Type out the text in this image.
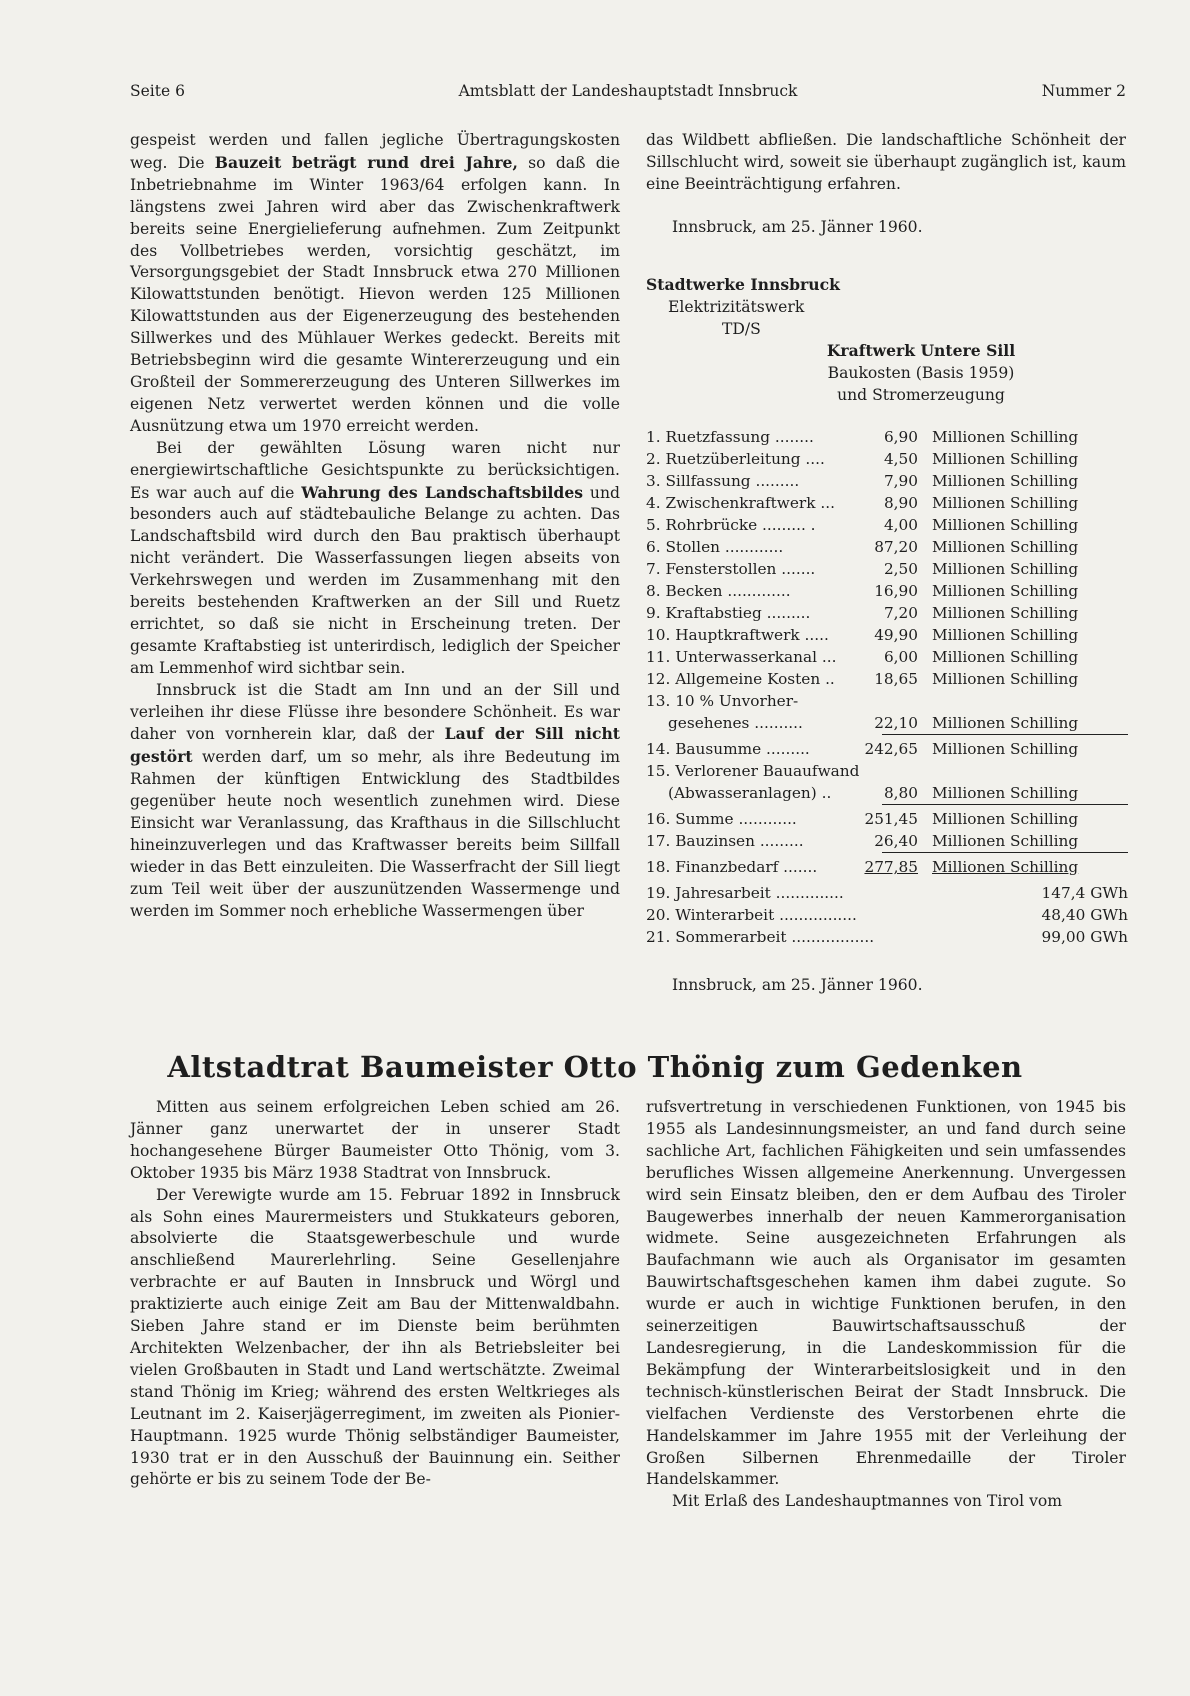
Seite 6	Amtsblatt der Landeshauptstadt Innsbruck	Nummer 2

gespeist werden und fallen jegliche Übertragungskosten weg. Die Bauzeit beträgt rund drei Jahre, so daß die Inbetriebnahme im Winter 1963/64 erfolgen kann. In längstens zwei Jahren wird aber das Zwischenkraftwerk bereits seine Energielieferung aufnehmen. Zum Zeitpunkt des Vollbetriebes werden, vorsichtig geschätzt, im Versorgungsgebiet der Stadt Innsbruck etwa 270 Millionen Kilowattstunden benötigt. Hievon werden 125 Millionen Kilowattstunden aus der Eigenerzeugung des bestehenden Sillwerkes und des Mühlauer Werkes gedeckt. Bereits mit Betriebsbeginn wird die gesamte Wintererzeugung und ein Großteil der Sommererzeugung des Unteren Sillwerkes im eigenen Netz verwertet werden können und die volle Ausnützung etwa um 1970 erreicht werden.

Bei der gewählten Lösung waren nicht nur energiewirtschaftliche Gesichtspunkte zu berücksichtigen. Es war auch auf die Wahrung des Landschaftsbildes und besonders auch auf städtebauliche Belange zu achten. Das Landschaftsbild wird durch den Bau praktisch überhaupt nicht verändert. Die Wasserfassungen liegen abseits von Verkehrswegen und werden im Zusammenhang mit den bereits bestehenden Kraftwerken an der Sill und Ruetz errichtet, so daß sie nicht in Erscheinung treten. Der gesamte Kraftabstieg ist unterirdisch, lediglich der Speicher am Lemmenhof wird sichtbar sein.

Innsbruck ist die Stadt am Inn und an der Sill und verleihen ihr diese Flüsse ihre besondere Schönheit. Es war daher von vornherein klar, daß der Lauf der Sill nicht gestört werden darf, um so mehr, als ihre Bedeutung im Rahmen der künftigen Entwicklung des Stadtbildes gegenüber heute noch wesentlich zunehmen wird. Diese Einsicht war Veranlassung, das Krafthaus in die Sillschlucht hineinzuverlegen und das Kraftwasser bereits beim Sillfall wieder in das Bett einzuleiten. Die Wasserfracht der Sill liegt zum Teil weit über der auszunützenden Wassermenge und werden im Sommer noch erhebliche Wassermengen über

das Wildbett abfließen. Die landschaftliche Schönheit der Sillschlucht wird, soweit sie überhaupt zugänglich ist, kaum eine Beeinträchtigung erfahren.

Innsbruck, am 25. Jänner 1960.

Stadtwerke Innsbruck
Elektrizitätswerk
TD/S
Kraftwerk Untere Sill
Baukosten (Basis 1959)
und Stromerzeugung
1. Ruetzfassung ........	6,90 Millionen Schilling
2. Ruetzüberleitung ....	4,50 Millionen Schilling
3. Sillfassung .........	7,90 Millionen Schilling
4. Zwischenkraftwerk ...	8,90 Millionen Schilling
5. Rohrbrücke ......... .	4,00 Millionen Schilling
6. Stollen ............	87,20 Millionen Schilling
7. Fensterstollen .......	2,50 Millionen Schilling
8. Becken .............	16,90 Millionen Schilling
9. Kraftabstieg .........	7,20 Millionen Schilling
10. Hauptkraftwerk .....	49,90 Millionen Schilling
11. Unterwasserkanal ...	6,00 Millionen Schilling
12. Allgemeine Kosten ..	18,65 Millionen Schilling
13. 10 % Unvorher-
gesehenes ..........	22,10 Millionen Schilling
14. Bausumme .........	242,65 Millionen Schilling
15. Verlorener Bauaufwand
(Abwasseranlagen) ..	8,80 Millionen Schilling
16. Summe ............	251,45 Millionen Schilling
17. Bauzinsen .........	26,40 Millionen Schilling
18. Finanzbedarf .......	277,85 Millionen Schilling
19. Jahresarbeit ..............	147,4 GWh
20. Winterarbeit ................	48,40 GWh
21. Sommerarbeit .................	99,00 GWh
Innsbruck, am 25. Jänner 1960.
Altstadtrat Baumeister Otto Thönig zum Gedenken

Mitten aus seinem erfolgreichen Leben schied am 26. Jänner ganz unerwartet der in unserer Stadt hochangesehene Bürger Baumeister Otto Thönig, vom 3. Oktober 1935 bis März 1938 Stadtrat von Innsbruck.

Der Verewigte wurde am 15. Februar 1892 in Innsbruck als Sohn eines Maurermeisters und Stukkateurs geboren, absolvierte die Staatsgewerbeschule und wurde anschließend Maurerlehrling. Seine Gesellenjahre verbrachte er auf Bauten in Innsbruck und Wörgl und praktizierte auch einige Zeit am Bau der Mittenwaldbahn. Sieben Jahre stand er im Dienste beim berühmten Architekten Welzenbacher, der ihn als Betriebsleiter bei vielen Großbauten in Stadt und Land wertschätzte. Zweimal stand Thönig im Krieg; während des ersten Weltkrieges als Leutnant im 2. Kaiserjägerregiment, im zweiten als Pionier-Hauptmann. 1925 wurde Thönig selbständiger Baumeister, 1930 trat er in den Ausschuß der Bauinnung ein. Seither gehörte er bis zu seinem Tode der Be-

rufsvertretung in verschiedenen Funktionen, von 1945 bis 1955 als Landesinnungsmeister, an und fand durch seine sachliche Art, fachlichen Fähigkeiten und sein umfassendes berufliches Wissen allgemeine Anerkennung. Unvergessen wird sein Einsatz bleiben, den er dem Aufbau des Tiroler Baugewerbes innerhalb der neuen Kammerorganisation widmete. Seine ausgezeichneten Erfahrungen als Baufachmann wie auch als Organisator im gesamten Bauwirtschaftsgeschehen kamen ihm dabei zugute. So wurde er auch in wichtige Funktionen berufen, in den seinerzeitigen Bauwirtschaftsausschuß der Landesregierung, in die Landeskommission für die Bekämpfung der Winterarbeitslosigkeit und in den technisch-künstlerischen Beirat der Stadt Innsbruck. Die vielfachen Verdienste des Verstorbenen ehrte die Handelskammer im Jahre 1955 mit der Verleihung der Großen Silbernen Ehrenmedaille der Tiroler Handelskammer.

Mit Erlaß des Landeshauptmannes von Tirol vom
